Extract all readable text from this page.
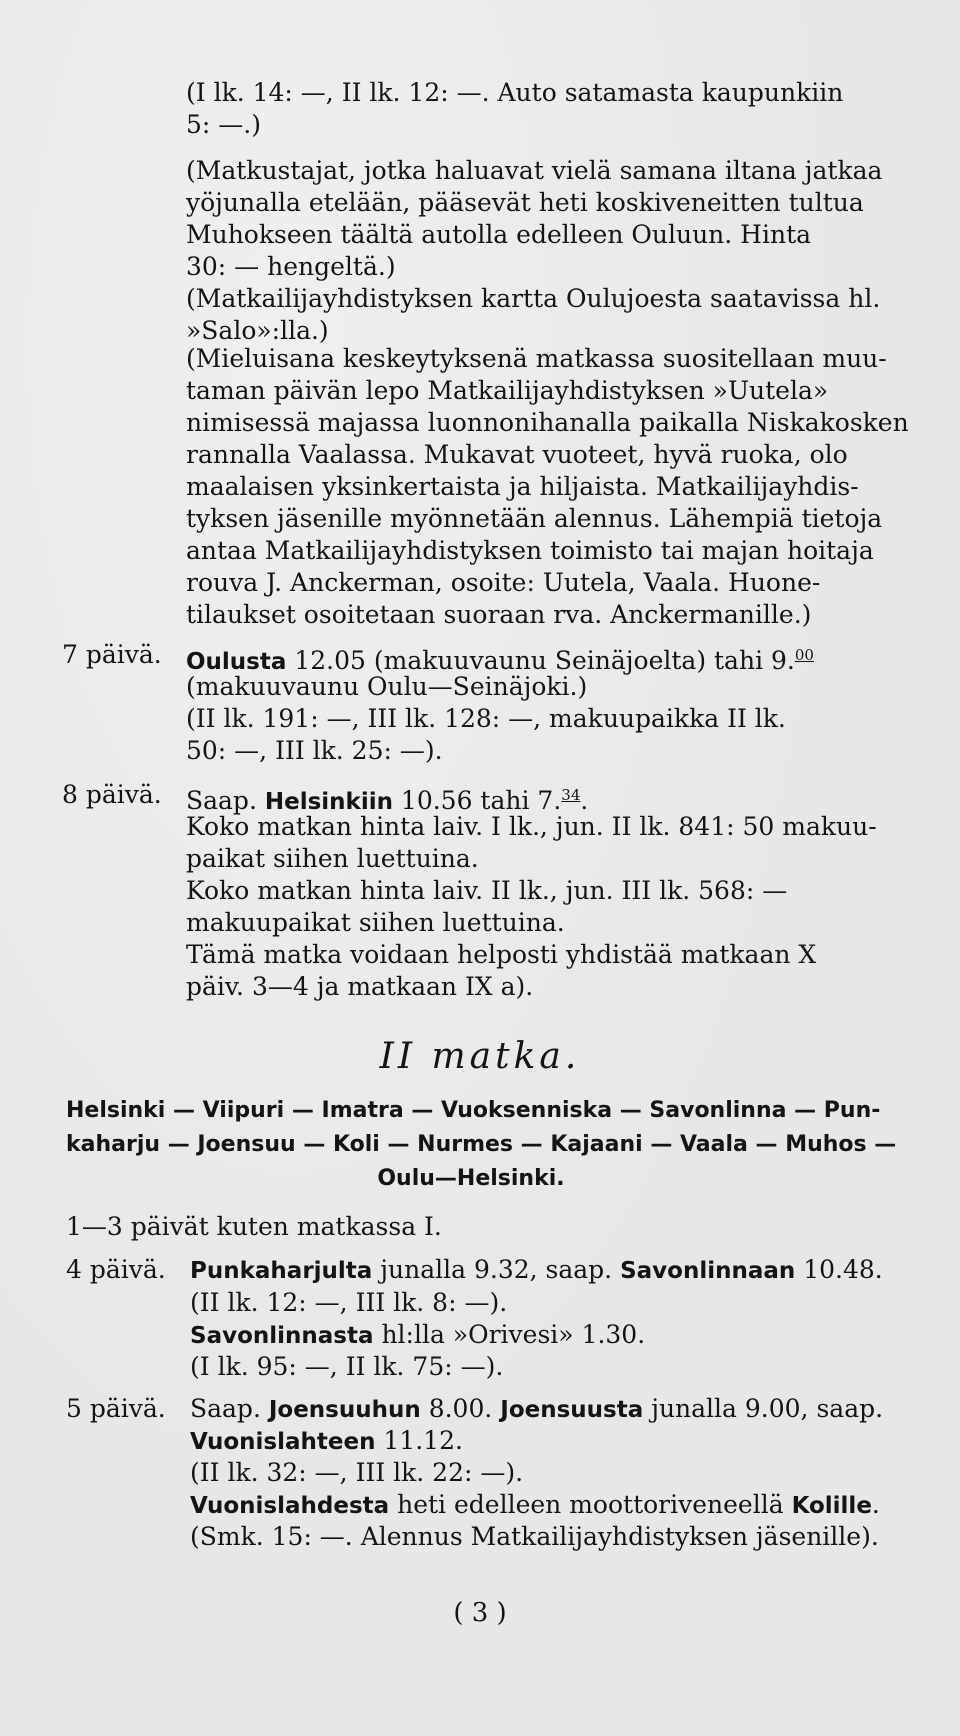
(I lk. 14: —, II lk. 12: —. Auto satamasta kaupunkiin
5: —.)
(Matkustajat, jotka haluavat vielä samana iltana jatkaa
yöjunalla etelään, pääsevät heti koskiveneitten tultua
Muhokseen täältä autolla edelleen Ouluun. Hinta
30: — hengeltä.)
(Matkailijayhdistyksen kartta Oulujoesta saatavissa hl.
»Salo»:lla.)
(Mieluisana keskeytyksenä matkassa suositellaan muu-
taman päivän lepo Matkailijayhdistyksen »Uutela»
nimisessä majassa luonnonihanalla paikalla Niskakosken
rannalla Vaalassa. Mukavat vuoteet, hyvä ruoka, olo
maalaisen yksinkertaista ja hiljaista. Matkailijayhdis-
tyksen jäsenille myönnetään alennus. Lähempiä tietoja
antaa Matkailijayhdistyksen toimisto tai majan hoitaja
rouva J. Anckerman, osoite: Uutela, Vaala. Huone-
tilaukset osoitetaan suoraan rva. Anckermanille.)
7 päivä. Oulusta 12.05 (makuuvaunu Seinäjoelta) tahi 9.00
(makuuvaunu Oulu—Seinäjoki.)
(II lk. 191: —, III lk. 128: —, makuupaikka II lk.
50: —, III lk. 25: —).
8 päivä. Saap. Helsinkiin 10.56 tahi 7.34.
Koko matkan hinta laiv. I lk., jun. II lk. 841: 50 makuu-
paikat siihen luettuina.
Koko matkan hinta laiv. II lk., jun. III lk. 568: —
makuupaikat siihen luettuina.
Tämä matka voidaan helposti yhdistää matkaan X
päiv. 3—4 ja matkaan IX a).
II matka.
Helsinki — Viipuri — Imatra — Vuoksenniska — Savonlinna — Pun-
kaharju — Joensuu — Koli — Nurmes — Kajaani — Vaala — Muhos —
Oulu—Helsinki.
1—3 päivät kuten matkassa I.
4 päivä. Punkaharjulta junalla 9.32, saap. Savonlinnaan 10.48.
(II lk. 12: —, III lk. 8: —).
Savonlinnasta hl:lla »Orivesi» 1.30.
(I lk. 95: —, II lk. 75: —).
5 päivä. Saap. Joensuuhun 8.00. Joensuusta junalla 9.00, saap.
Vuonislahteen 11.12.
(II lk. 32: —, III lk. 22: —).
Vuonislahdesta heti edelleen moottoriveneellä Kolille.
(Smk. 15: —. Alennus Matkailijayhdistyksen jäsenille).
( 3 )
